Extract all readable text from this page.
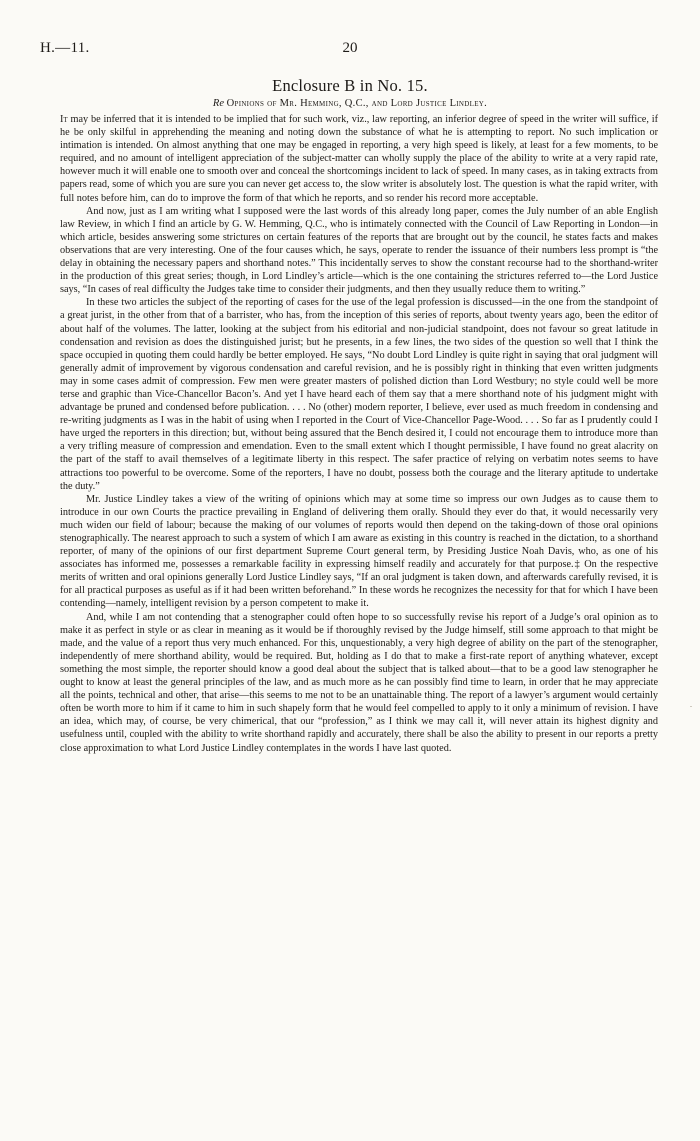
H.—11.	20
Enclosure B in No. 15.
Re Opinions of Mr. Hemming, Q.C., and Lord Justice Lindley.

It may be inferred that it is intended to be implied that for such work, viz., law reporting, an inferior degree of speed in the writer will suffice, if he be only skilful in apprehending the meaning and noting down the substance of what he is attempting to report. No such implication or intimation is intended. On almost anything that one may be engaged in reporting, a very high speed is likely, at least for a few moments, to be required, and no amount of intelligent appreciation of the subject-matter can wholly supply the place of the ability to write at a very rapid rate, however much it will enable one to smooth over and conceal the shortcomings incident to lack of speed. In many cases, as in taking extracts from papers read, some of which you are sure you can never get access to, the slow writer is absolutely lost. The question is what the rapid writer, with full notes before him, can do to improve the form of that which he reports, and so render his record more acceptable.

And now, just as I am writing what I supposed were the last words of this already long paper, comes the July number of an able English law Review, in which I find an article by G. W. Hemming, Q.C., who is intimately connected with the Council of Law Reporting in London—in which article, besides answering some strictures on certain features of the reports that are brought out by the council, he states facts and makes observations that are very interesting. One of the four causes which, he says, operate to render the issuance of their numbers less prompt is “the delay in obtaining the necessary papers and shorthand notes.” This incidentally serves to show the constant recourse had to the shorthand-writer in the production of this great series; though, in Lord Lindley’s article—which is the one containing the strictures referred to—the Lord Justice says, “In cases of real difficulty the Judges take time to consider their judgments, and then they usually reduce them to writing.”

In these two articles the subject of the reporting of cases for the use of the legal profession is discussed—in the one from the standpoint of a great jurist, in the other from that of a barrister, who has, from the inception of this series of reports, about twenty years ago, been the editor of about half of the volumes. The latter, looking at the subject from his editorial and non-judicial standpoint, does not favour so great latitude in condensation and revision as does the distinguished jurist; but he presents, in a few lines, the two sides of the question so well that I think the space occupied in quoting them could hardly be better employed. He says, “No doubt Lord Lindley is quite right in saying that oral judgment will generally admit of improvement by vigorous condensation and careful revision, and he is possibly right in thinking that even written judgments may in some cases admit of compression. Few men were greater masters of polished diction than Lord Westbury; no style could well be more terse and graphic than Vice-Chancellor Bacon’s. And yet I have heard each of them say that a mere shorthand note of his judgment might with advantage be pruned and condensed before publication. . . . No (other) modern reporter, I believe, ever used as much freedom in condensing and re-writing judgments as I was in the habit of using when I reported in the Court of Vice-Chancellor Page-Wood. . . . So far as I prudently could I have urged the reporters in this direction; but, without being assured that the Bench desired it, I could not encourage them to introduce more than a very trifling measure of compression and emendation. Even to the small extent which I thought permissible, I have found no great alacrity on the part of the staff to avail themselves of a legitimate liberty in this respect. The safer practice of relying on verbatim notes seems to have attractions too powerful to be overcome. Some of the reporters, I have no doubt, possess both the courage and the literary aptitude to undertake the duty.”

Mr. Justice Lindley takes a view of the writing of opinions which may at some time so impress our own Judges as to cause them to introduce in our own Courts the practice prevailing in England of delivering them orally. Should they ever do that, it would necessarily very much widen our field of labour; because the making of our volumes of reports would then depend on the taking-down of those oral opinions stenographically. The nearest approach to such a system of which I am aware as existing in this country is reached in the dictation, to a shorthand reporter, of many of the opinions of our first department Supreme Court general term, by Presiding Justice Noah Davis, who, as one of his associates has informed me, possesses a remarkable facility in expressing himself readily and accurately for that purpose.‡ On the respective merits of written and oral opinions generally Lord Justice Lindley says, “If an oral judgment is taken down, and afterwards carefully revised, it is for all practical purposes as useful as if it had been written beforehand.” In these words he recognizes the necessity for that for which I have been contending—namely, intelligent revision by a person competent to make it.

And, while I am not contending that a stenographer could often hope to so successfully revise his report of a Judge’s oral opinion as to make it as perfect in style or as clear in meaning as it would be if thoroughly revised by the Judge himself, still some approach to that might be made, and the value of a report thus very much enhanced. For this, unquestionably, a very high degree of ability on the part of the stenographer, independently of mere shorthand ability, would be required. But, holding as I do that to make a first-rate report of anything whatever, except something the most simple, the reporter should know a good deal about the subject that is talked about—that to be a good law stenographer he ought to know at least the general principles of the law, and as much more as he can possibly find time to learn, in order that he may appreciate all the points, technical and other, that arise—this seems to me not to be an unattainable thing. The report of a lawyer’s argument would certainly often be worth more to him if it came to him in such shapely form that he would feel compelled to apply to it only a minimum of revision. I have an idea, which may, of course, be very chimerical, that our “profession,” as I think we may call it, will never attain its highest dignity and usefulness until, coupled with the ability to write shorthand rapidly and accurately, there shall be also the ability to present in our reports a pretty close approximation to what Lord Justice Lindley contemplates in the words I have last quoted.
